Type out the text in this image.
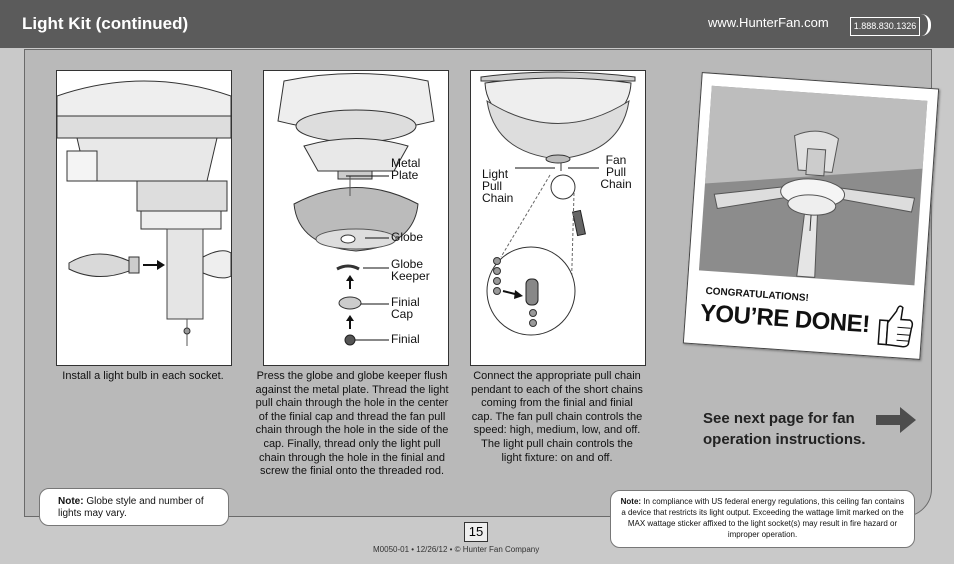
Light Kit (continued)	www.HunterFan.com	1.888.830.1326
Install a light bulb in each socket.
Metal Plate
Globe
Globe Keeper
Finial Cap
Finial
Press the globe and globe keeper flush against the metal plate. Thread the light pull chain through the hole in the center of the finial cap and thread the fan pull chain through the hole in the side of the cap. Finally, thread only the light pull chain through the hole in the finial and screw the finial onto the threaded rod.
Light Pull Chain
Fan Pull Chain
Connect the appropriate pull chain pendant to each of the short chains coming from the finial and finial cap. The fan pull chain controls the speed: high, medium, low, and off. The light pull chain controls the light fixture: on and off.
CONGRATULATIONS!
YOU’RE DONE!
See next page for fan operation instructions.
Note: Globe style and number of lights may vary.
Note: In compliance with US federal energy regulations, this ceiling fan contains a device that restricts its light output. Exceeding the wattage limit marked on the MAX wattage sticker affixed to the light socket(s) may result in fire hazard or improper operation.
15
M0050-01 • 12/26/12 • © Hunter Fan Company
